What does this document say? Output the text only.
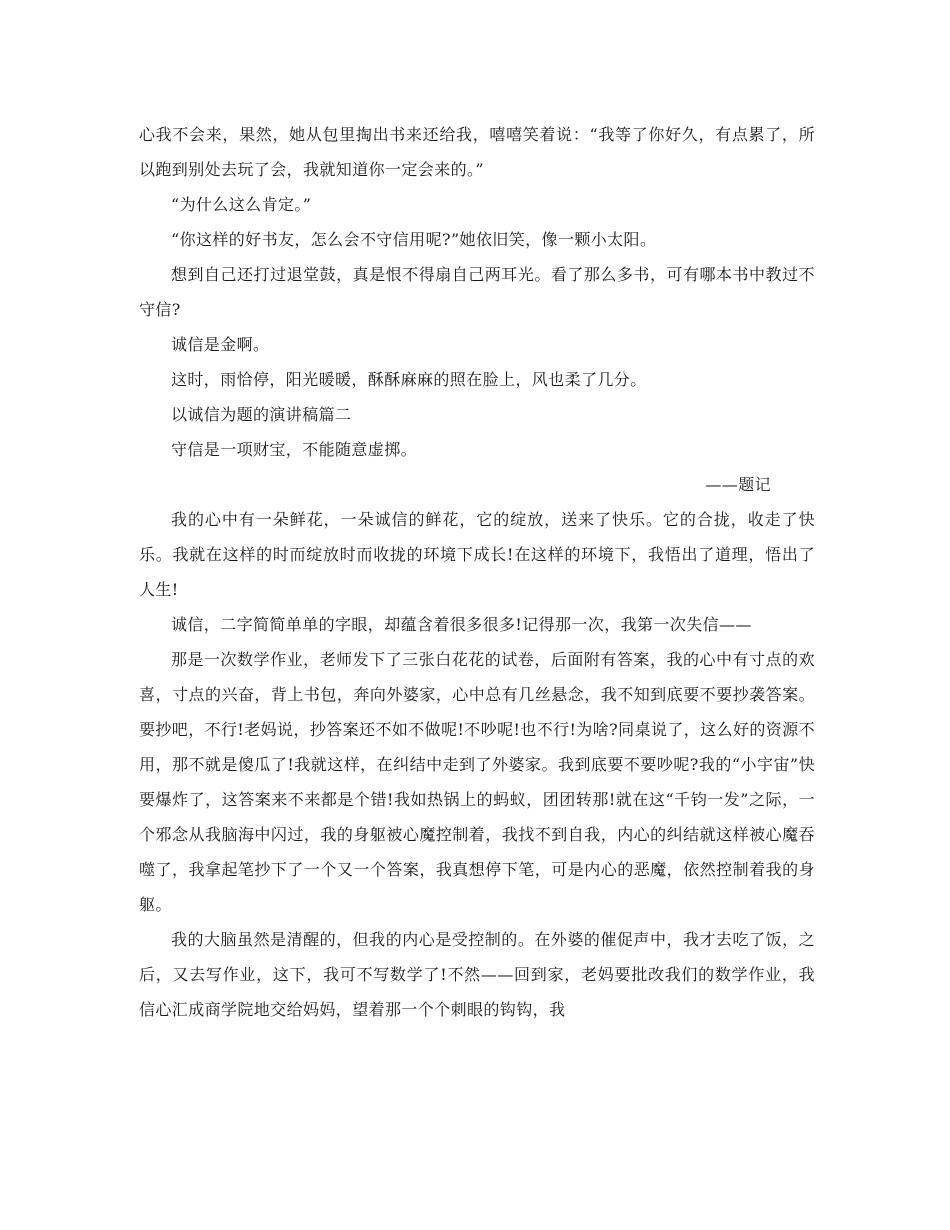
心我不会来，果然，她从包里掏出书来还给我，嘻嘻笑着说：“我等了你好久，有点累了，所以跑到别处去玩了会，我就知道你一定会来的。”

“为什么这么肯定。”

“你这样的好书友，怎么会不守信用呢?”她依旧笑，像一颗小太阳。

想到自己还打过退堂鼓，真是恨不得扇自己两耳光。看了那么多书，可有哪本书中教过不守信?

诚信是金啊。

这时，雨恰停，阳光暖暖，酥酥麻麻的照在脸上，风也柔了几分。

以诚信为题的演讲稿篇二

守信是一项财宝，不能随意虚掷。

——题记

我的心中有一朵鲜花，一朵诚信的鲜花，它的绽放，送来了快乐。它的合拢，收走了快乐。我就在这样的时而绽放时而收拢的环境下成长!在这样的环境下，我悟出了道理，悟出了人生!

诚信，二字简简单单的字眼，却蕴含着很多很多!记得那一次，我第一次失信——

那是一次数学作业，老师发下了三张白花花的试卷，后面附有答案，我的心中有寸点的欢喜，寸点的兴奋，背上书包，奔向外婆家，心中总有几丝悬念，我不知到底要不要抄袭答案。要抄吧，不行!老妈说，抄答案还不如不做呢!不吵呢!也不行!为啥?同桌说了，这么好的资源不用，那不就是傻瓜了!我就这样，在纠结中走到了外婆家。我到底要不要吵呢?我的“小宇宙”快要爆炸了，这答案来不来都是个错!我如热锅上的蚂蚁，团团转那!就在这“千钧一发”之际，一个邪念从我脑海中闪过，我的身躯被心魔控制着，我找不到自我，内心的纠结就这样被心魔吞噬了，我拿起笔抄下了一个又一个答案，我真想停下笔，可是内心的恶魔，依然控制着我的身躯。

我的大脑虽然是清醒的，但我的内心是受控制的。在外婆的催促声中，我才去吃了饭，之后，又去写作业，这下，我可不写数学了!不然——回到家，老妈要批改我们的数学作业，我信心汇成商学院地交给妈妈，望着那一个个刺眼的钩钩，我
